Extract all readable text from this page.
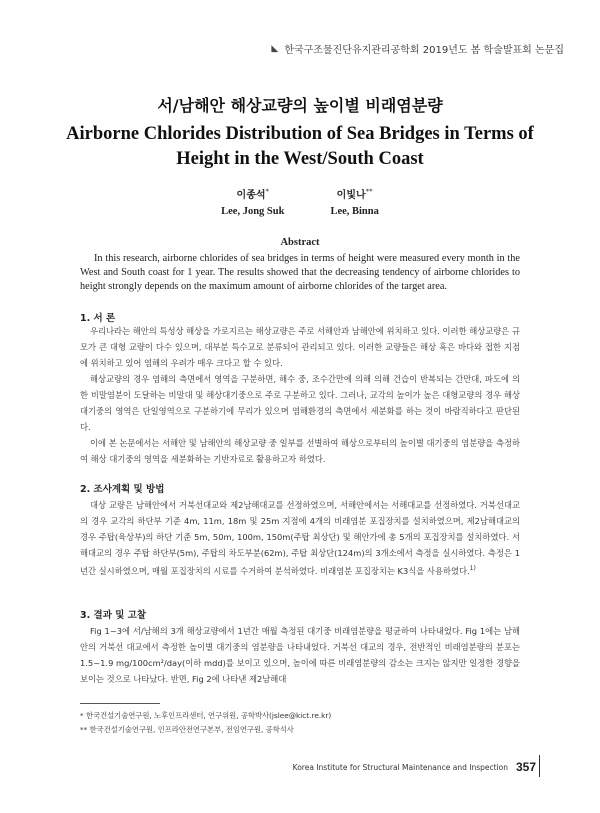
◣ 한국구조물진단유지관리공학회 2019년도 봄 학술발표회 논문집
서/남해안 해상교량의 높이별 비래염분량
Airborne Chlorides Distribution of Sea Bridges in Terms of Height in the West/South Coast
이종석*
Lee, Jong Suk
이빛나**
Lee, Binna
Abstract

In this research, airborne chlorides of sea bridges in terms of height were measured every month in the West and South coast for 1 year. The results showed that the decreasing tendency of airborne chlorides to height strongly depends on the maximum amount of airborne chlorides of the target area.

1. 서 론

우리나라는 해안의 특성상 해상을 가로지르는 해상교량은 주로 서해안과 남해안에 위치하고 있다. 이러한 해상교량은 규모가 큰 대형 교량이 다수 있으며, 대부분 특수교로 분류되어 관리되고 있다. 이러한 교량들은 해상 혹은 바다와 접한 지점에 위치하고 있어 염해의 우려가 매우 크다고 할 수 있다.

해상교량의 경우 염해의 측면에서 영역을 구분하면, 해수 중, 조수간만에 의해 의해 건습이 반복되는 간만대, 파도에 의한 비말염분이 도달하는 비말대 및 해상대기중으로 주로 구분하고 있다. 그러나, 교각의 높이가 높은 대형교량의 경우 해상대기중의 영역은 단일영역으로 구분하기에 무리가 있으며 염해환경의 측면에서 세분화를 하는 것이 바람직하다고 판단된다.

이에 본 논문에서는 서해안 및 남해안의 해상교량 중 일부를 선별하여 해상으로부터의 높이별 대기중의 염분량을 측정하여 해상 대기중의 영역을 세분화하는 기반자료로 활용하고자 하였다.

2. 조사계획 및 방법

대상 교량은 남해안에서 거북선대교와 제2남해대교를 선정하였으며, 서해안에서는 서해대교를 선정하였다. 거북선대교의 경우 교각의 하단부 기준 4m, 11m, 18m 및 25m 지점에 4개의 비래염분 포집장치를 설치하였으며, 제2남해대교의 경우 주탑(육상부)의 하단 기준 5m, 50m, 100m, 150m(주탑 최상단) 및 해안가에 총 5개의 포집장치를 설치하였다. 서해대교의 경우 주탑 하단부(5m), 주탑의 차도부분(62m), 주탑 최상단(124m)의 3개소에서 측정을 실시하였다. 측정은 1년간 실시하였으며, 매월 포집장치의 시료를 수거하여 분석하였다. 비래염분 포집장치는 K3식을 사용하였다.$^{1)}$

3. 결과 및 고찰

Fig 1~3에 서/남해의 3개 해상교량에서 1년간 매월 측정된 대기중 비래염분량을 평균하여 나타내었다. Fig 1에는 남해안의 거북선 대교에서 측정한 높이별 대기중의 염분량을 나타내었다. 거북선 대교의 경우, 전반적인 비래염분량의 분포는 1.5~1.9 mg/100cm²/day(이하 mdd)를 보이고 있으며, 높이에 따른 비래염분량의 감소는 크지는 않지만 일정한 경향을 보이는 것으로 나타났다. 반면, Fig 2에 나타낸 제2남해대

* 한국건설기술연구원, 노후인프라센터, 연구위원, 공학박사(jslee@kict.re.kr)
** 한국건설기술연구원, 인프라안전연구본부, 전임연구원, 공학석사
Korea Institute for Structural Maintenance and Inspection 357
